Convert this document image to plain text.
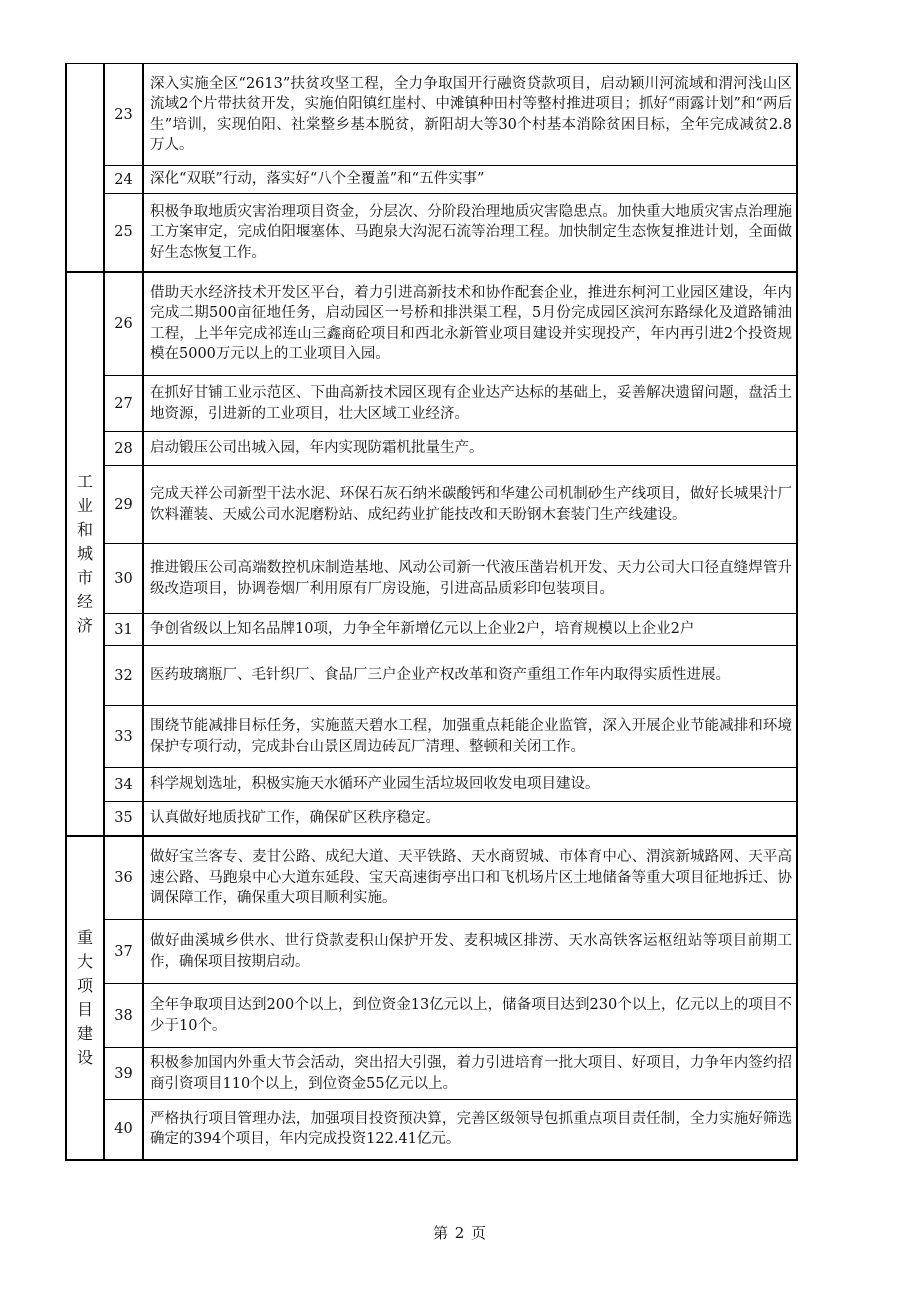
	23	深入实施全区“2613”扶贫攻坚工程，全力争取国开行融资贷款项目，启动颖川河流域和渭河浅山区流域2个片带扶贫开发，实施伯阳镇红崖村、中滩镇种田村等整村推进项目；抓好“雨露计划”和“两后生”培训，实现伯阳、社棠整乡基本脱贫，新阳胡大等30个村基本消除贫困目标，全年完成减贫2.8万人。
	24	深化“双联”行动，落实好“八个全覆盖”和“五件实事”
	25	积极争取地质灾害治理项目资金，分层次、分阶段治理地质灾害隐患点。加快重大地质灾害点治理施工方案审定，完成伯阳堰塞体、马跑泉大沟泥石流等治理工程。加快制定生态恢复推进计划，全面做好生态恢复工作。
工业和城市经济	26	借助天水经济技术开发区平台，着力引进高新技术和协作配套企业，推进东柯河工业园区建设，年内完成二期500亩征地任务，启动园区一号桥和排洪渠工程，5月份完成园区滨河东路绿化及道路铺油工程，上半年完成祁连山三鑫商砼项目和西北永新管业项目建设并实现投产，年内再引进2个投资规模在5000万元以上的工业项目入园。
	27	在抓好甘铺工业示范区、下曲高新技术园区现有企业达产达标的基础上，妥善解决遗留问题，盘活土地资源，引进新的工业项目，壮大区域工业经济。
	28	启动锻压公司出城入园，年内实现防霜机批量生产。
	29	完成天祥公司新型干法水泥、环保石灰石纳米碳酸钙和华建公司机制砂生产线项目，做好长城果汁厂饮料灌装、天威公司水泥磨粉站、成纪药业扩能技改和天盼钢木套装门生产线建设。
	30	推进锻压公司高端数控机床制造基地、风动公司新一代液压凿岩机开发、天力公司大口径直缝焊管升级改造项目，协调卷烟厂利用原有厂房设施，引进高品质彩印包装项目。
	31	争创省级以上知名品牌10项，力争全年新增亿元以上企业2户，培育规模以上企业2户
	32	医药玻璃瓶厂、毛针织厂、食品厂三户企业产权改革和资产重组工作年内取得实质性进展。
	33	围绕节能减排目标任务，实施蓝天碧水工程，加强重点耗能企业监管，深入开展企业节能减排和环境保护专项行动，完成卦台山景区周边砖瓦厂清理、整顿和关闭工作。
	34	科学规划选址，积极实施天水循环产业园生活垃圾回收发电项目建设。
	35	认真做好地质找矿工作，确保矿区秩序稳定。
重大项目建设	36	做好宝兰客专、麦甘公路、成纪大道、天平铁路、天水商贸城、市体育中心、渭滨新城路网、天平高速公路、马跑泉中心大道东延段、宝天高速街亭出口和飞机场片区土地储备等重大项目征地拆迁、协调保障工作，确保重大项目顺利实施。
	37	做好曲溪城乡供水、世行贷款麦积山保护开发、麦积城区排涝、天水高铁客运枢纽站等项目前期工作，确保项目按期启动。
	38	全年争取项目达到200个以上，到位资金13亿元以上，储备项目达到230个以上，亿元以上的项目不少于10个。
	39	积极参加国内外重大节会活动，突出招大引强，着力引进培育一批大项目、好项目，力争年内签约招商引资项目110个以上，到位资金55亿元以上。
	40	严格执行项目管理办法，加强项目投资预决算，完善区级领导包抓重点项目责任制，全力实施好筛选确定的394个项目，年内完成投资122.41亿元。
第 2 页
